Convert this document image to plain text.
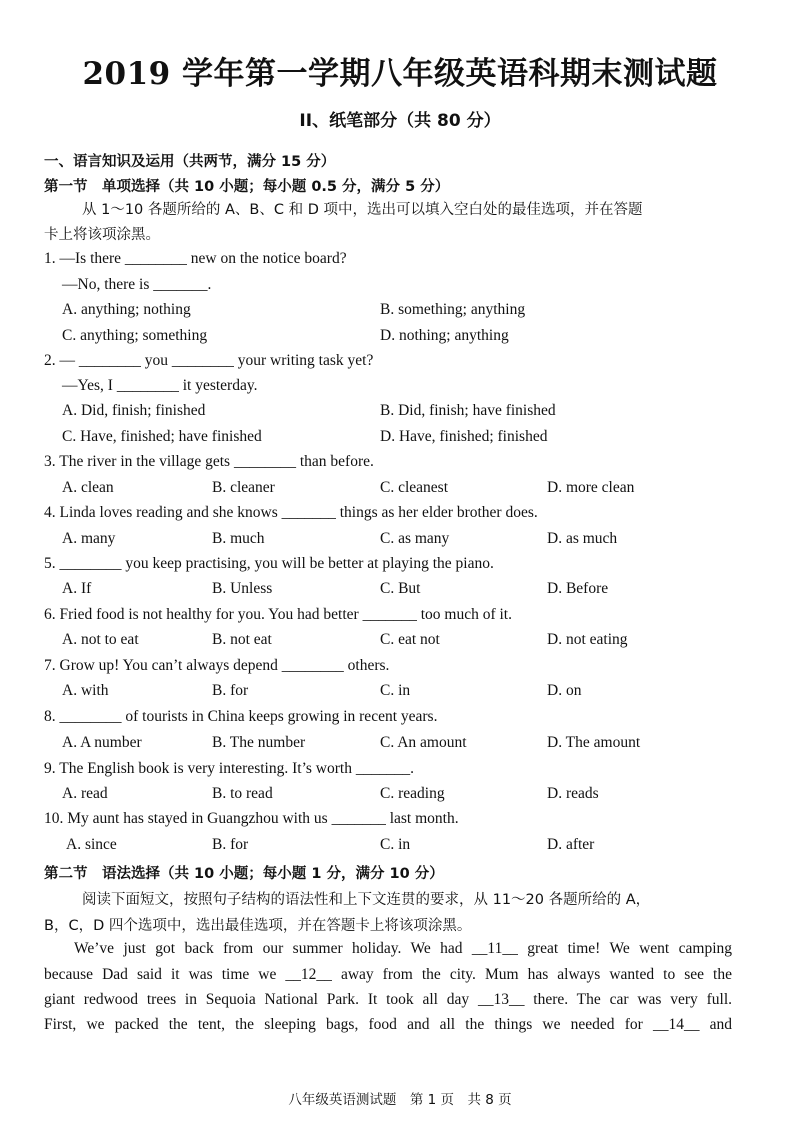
2019 学年第一学期八年级英语科期末测试题
II、纸笔部分（共 80 分）
一、语言知识及运用（共两节，满分 15 分）
第一节　单项选择（共 10 小题；每小题 0.5 分，满分 5 分）
从 1～10 各题所给的 A、B、C 和 D 项中，选出可以填入空白处的最佳选项，并在答题
卡上将该项涂黑。
1. —Is there ________ new on the notice board?
—No, there is _______.
A. anything; nothing	B. something; anything
C. anything; something	D. nothing; anything
2. — ________ you ________ your writing task yet?
—Yes, I ________ it yesterday.
A. Did, finish; finished	B. Did, finish; have finished
C. Have, finished; have finished	D. Have, finished; finished
3. The river in the village gets ________ than before.
A. clean	B. cleaner	C. cleanest	D. more clean
4. Linda loves reading and she knows _______ things as her elder brother does.
A. many	B. much	C. as many	D. as much
5. ________ you keep practising, you will be better at playing the piano.
A. If	B. Unless	C. But	D. Before
6. Fried food is not healthy for you. You had better _______ too much of it.
A. not to eat	B. not eat	C. eat not	D. not eating
7. Grow up! You can’t always depend ________ others.
A. with	B. for	C. in	D. on
8. ________ of tourists in China keeps growing in recent years.
A. A number	B. The number	C. An amount	D. The amount
9. The English book is very interesting. It’s worth _______.
A. read	B. to read	C. reading	D. reads
10. My aunt has stayed in Guangzhou with us _______ last month.
A. since	B. for	C. in	D. after
第二节　语法选择（共 10 小题；每小题 1 分，满分 10 分）
阅读下面短文，按照句子结构的语法性和上下文连贯的要求，从 11～20 各题所给的 A，
B，C，D 四个选项中，选出最佳选项，并在答题卡上将该项涂黑。
We’ve just got back from our summer holiday. We had __11__ great time! We went camping
because Dad said it was time we __12__ away from the city. Mum has always wanted to see the
giant redwood trees in Sequoia National Park. It took all day __13__ there. The car was very full.
First, we packed the tent, the sleeping bags, food and all the things we needed for __14__ and
八年级英语测试题　第 1 页　共 8 页
